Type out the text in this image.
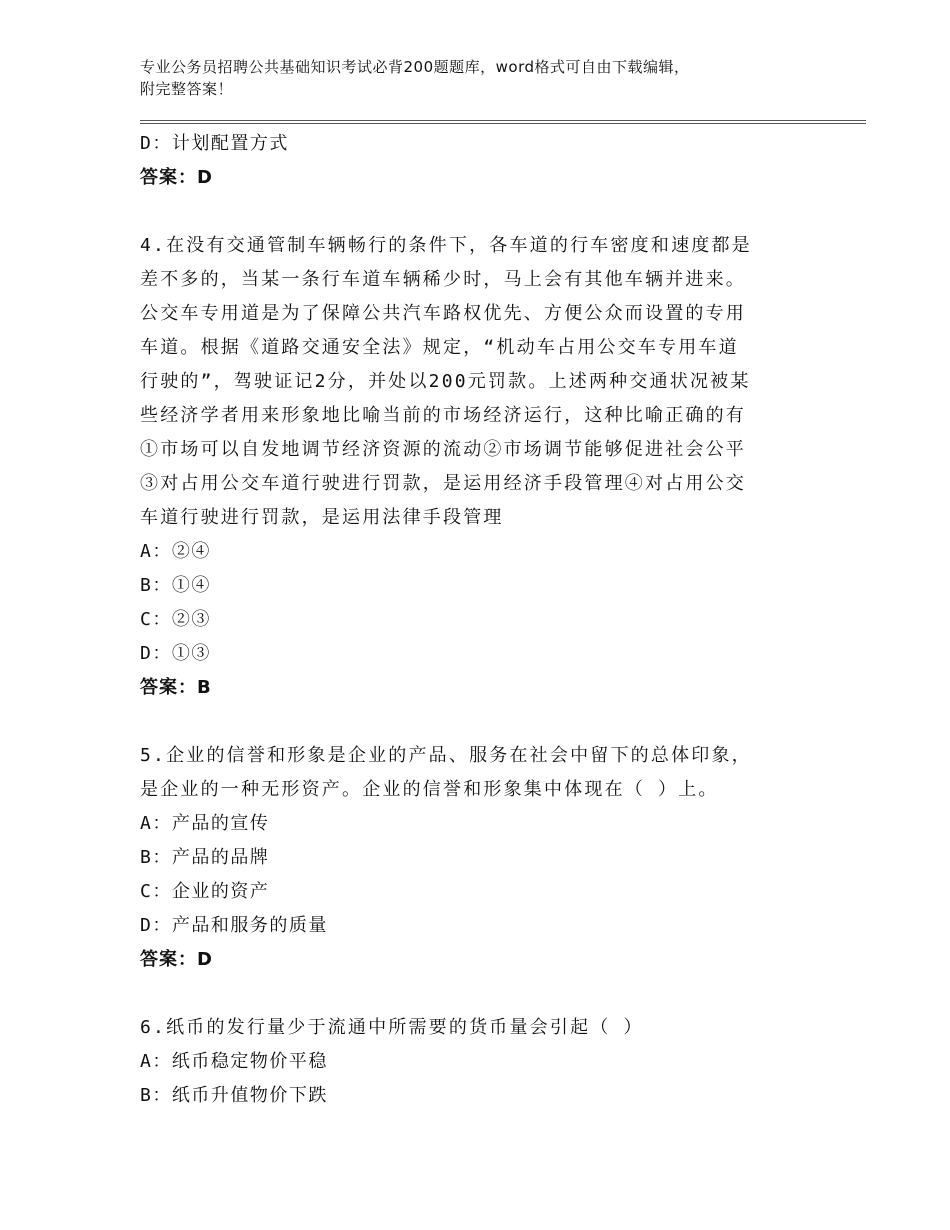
专业公务员招聘公共基础知识考试必背200题题库，word格式可自由下载编辑，
附完整答案！
D：计划配置方式
答案：D
4.在没有交通管制车辆畅行的条件下，各车道的行车密度和速度都是
差不多的，当某一条行车道车辆稀少时，马上会有其他车辆并进来。
公交车专用道是为了保障公共汽车路权优先、方便公众而设置的专用
车道。根据《道路交通安全法》规定，“机动车占用公交车专用车道
行驶的”，驾驶证记2分，并处以200元罚款。上述两种交通状况被某
些经济学者用来形象地比喻当前的市场经济运行，这种比喻正确的有
①市场可以自发地调节经济资源的流动②市场调节能够促进社会公平
③对占用公交车道行驶进行罚款，是运用经济手段管理④对占用公交
车道行驶进行罚款，是运用法律手段管理
A：②④
B：①④
C：②③
D：①③
答案：B
5.企业的信誉和形象是企业的产品、服务在社会中留下的总体印象，
是企业的一种无形资产。企业的信誉和形象集中体现在（ ）上。
A：产品的宣传
B：产品的品牌
C：企业的资产
D：产品和服务的质量
答案：D
6.纸币的发行量少于流通中所需要的货币量会引起（ ）
A：纸币稳定物价平稳
B：纸币升值物价下跌
